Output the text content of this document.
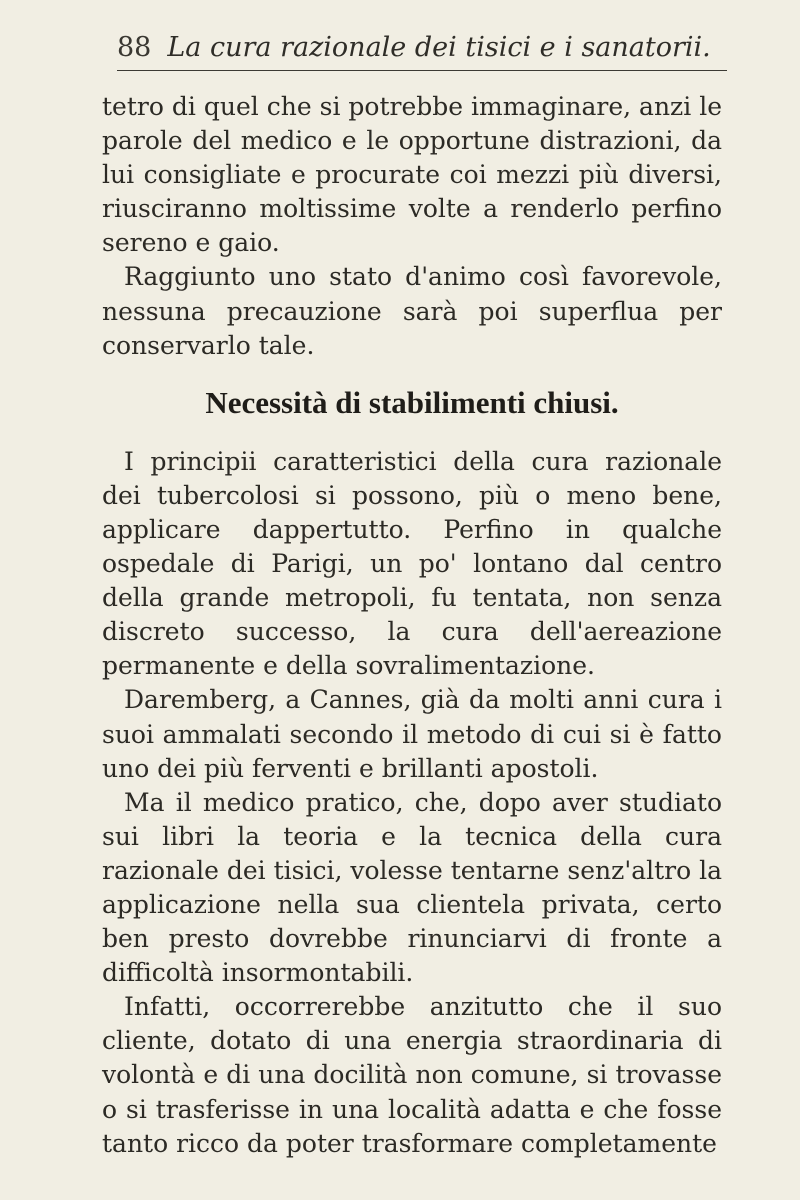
88 La cura razionale dei tisici e i sanatorii.

tetro di quel che si potrebbe immaginare, anzi le parole del medico e le opportune distrazioni, da lui consigliate e procurate coi mezzi più diversi, riusciranno moltissime volte a renderlo perfino sereno e gaio.

Raggiunto uno stato d'animo così favorevole, nessuna precauzione sarà poi superflua per conservarlo tale.

Necessità di stabilimenti chiusi.

I principii caratteristici della cura razionale dei tubercolosi si possono, più o meno bene, applicare dappertutto. Perfino in qualche ospedale di Parigi, un po' lontano dal centro della grande metropoli, fu tentata, non senza discreto successo, la cura dell'aereazione permanente e della sovralimentazione.

Daremberg, a Cannes, già da molti anni cura i suoi ammalati secondo il metodo di cui si è fatto uno dei più ferventi e brillanti apostoli.

Ma il medico pratico, che, dopo aver studiato sui libri la teoria e la tecnica della cura razionale dei tisici, volesse tentarne senz'altro la applicazione nella sua clientela privata, certo ben presto dovrebbe rinunciarvi di fronte a difficoltà insormontabili.

Infatti, occorrerebbe anzitutto che il suo cliente, dotato di una energia straordinaria di volontà e di una docilità non comune, si trovasse o si trasferisse in una località adatta e che fosse tanto ricco da poter trasformare completamente
